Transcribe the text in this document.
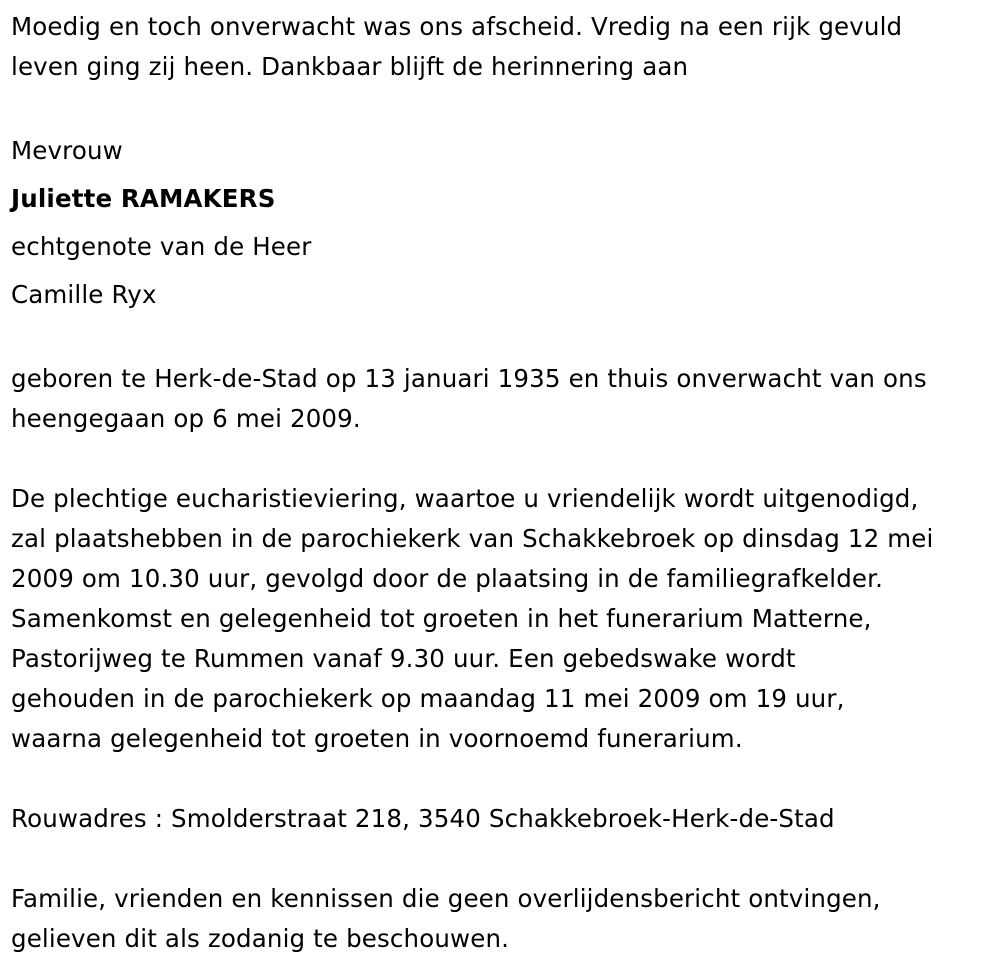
Moedig en toch onverwacht was ons afscheid. Vredig na een rijk gevuld
leven ging zij heen. Dankbaar blijft de herinnering aan

Mevrouw
Juliette RAMAKERS
echtgenote van de Heer
Camille Ryx

geboren te Herk-de-Stad op 13 januari 1935 en thuis onverwacht van ons
heengegaan op 6 mei 2009.

De plechtige eucharistieviering, waartoe u vriendelijk wordt uitgenodigd,
zal plaatshebben in de parochiekerk van Schakkebroek op dinsdag 12 mei
2009 om 10.30 uur, gevolgd door de plaatsing in de familiegrafkelder.
Samenkomst en gelegenheid tot groeten in het funerarium Matterne,
Pastorijweg te Rummen vanaf 9.30 uur. Een gebedswake wordt
gehouden in de parochiekerk op maandag 11 mei 2009 om 19 uur,
waarna gelegenheid tot groeten in voornoemd funerarium.

Rouwadres : Smolderstraat 218, 3540 Schakkebroek-Herk-de-Stad

Familie, vrienden en kennissen die geen overlijdensbericht ontvingen,
gelieven dit als zodanig te beschouwen.
